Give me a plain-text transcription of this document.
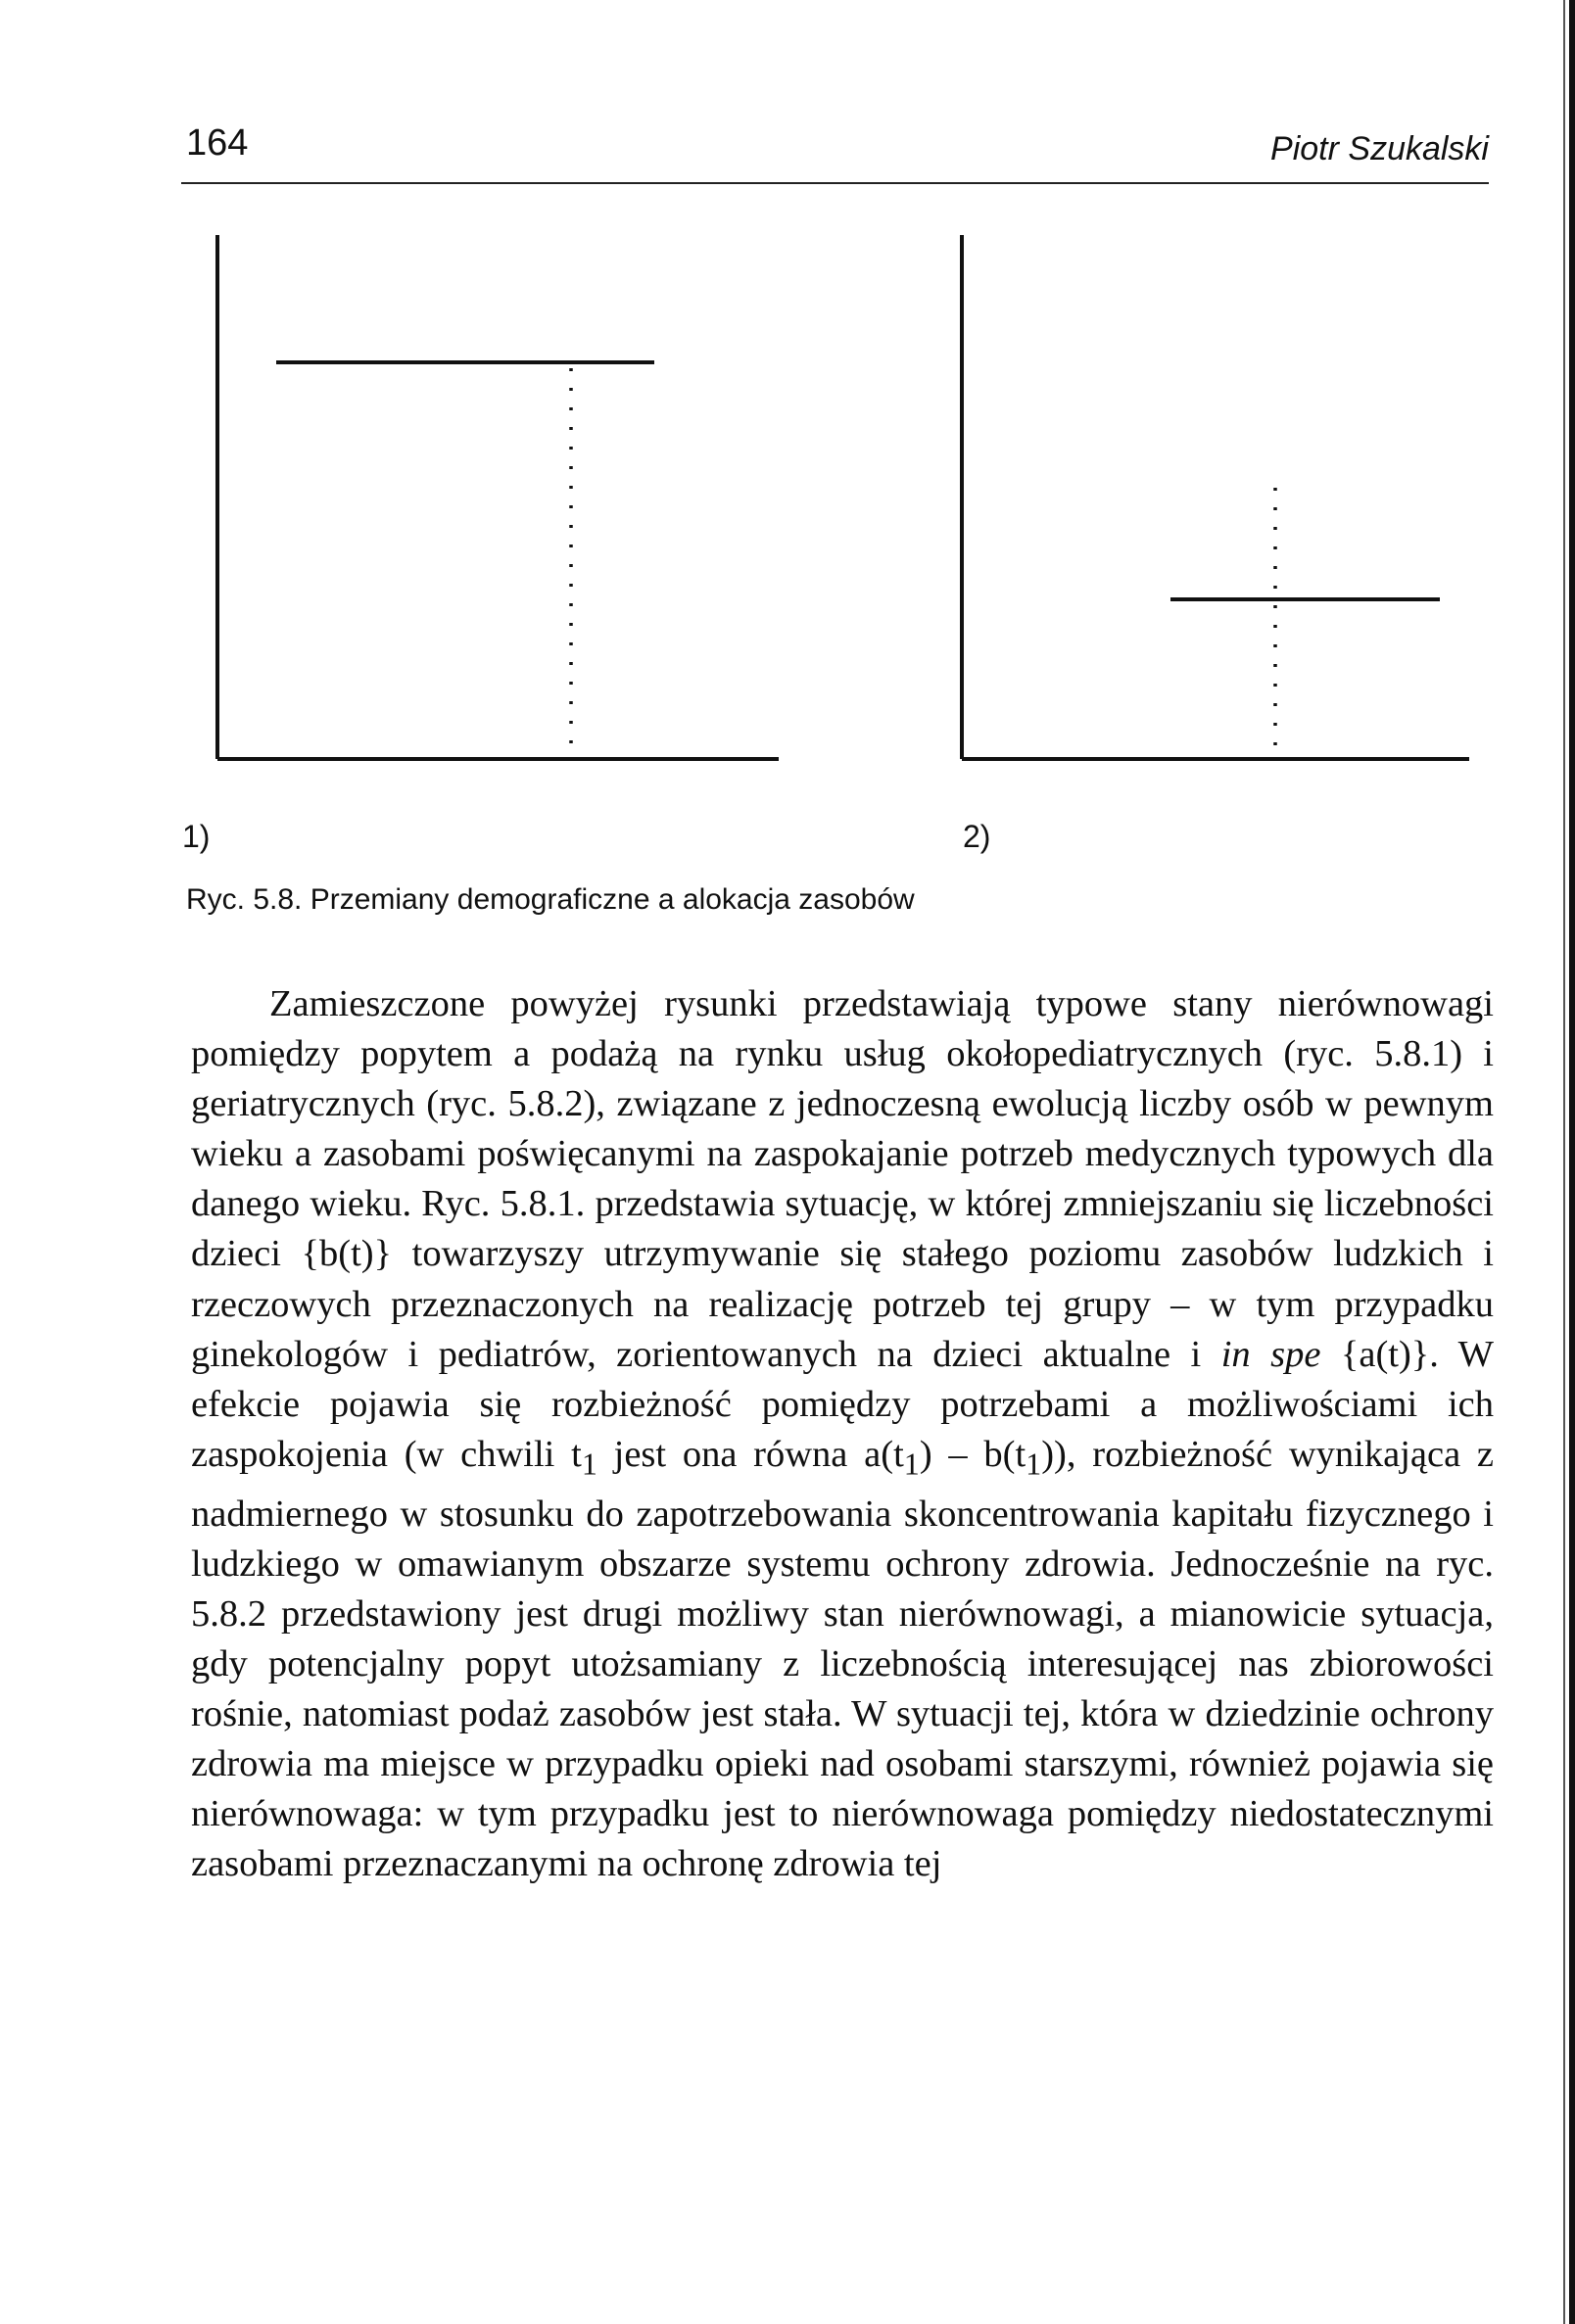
164	Piotr Szukalski
1)	2)
Ryc. 5.8. Przemiany demograficzne a alokacja zasobów

Zamieszczone powyżej rysunki przedstawiają typowe stany nierównowagi pomiędzy popytem a podażą na rynku usług okołopediatrycznych (ryc. 5.8.1) i geriatrycznych (ryc. 5.8.2), związane z jednoczesną ewolucją liczby osób w pewnym wieku a zasobami poświęcanymi na zaspokajanie potrzeb medycznych typowych dla danego wieku. Ryc. 5.8.1. przedstawia sytuację, w której zmniejszaniu się liczebności dzieci {b(t)} towarzyszy utrzymywanie się stałego poziomu zasobów ludzkich i rzeczowych przeznaczonych na realizację potrzeb tej grupy – w tym przypadku ginekologów i pediatrów, zorientowanych na dzieci aktualne i in spe {a(t)}. W efekcie pojawia się rozbieżność pomiędzy potrzebami a możliwościami ich zaspokojenia (w chwili $t_1$ jest ona równa $a(t_1) - b(t_1)$), rozbieżność wynikająca z nadmiernego w stosunku do zapotrzebowania skoncentrowania kapitału fizycznego i ludzkiego w omawianym obszarze systemu ochrony zdrowia. Jednocześnie na ryc. 5.8.2 przedstawiony jest drugi możliwy stan nierównowagi, a mianowicie sytuacja, gdy potencjalny popyt utożsamiany z liczebnością interesującej nas zbiorowości rośnie, natomiast podaż zasobów jest stała. W sytuacji tej, która w dziedzinie ochrony zdrowia ma miejsce w przypadku opieki nad osobami starszymi, również pojawia się nierównowaga: w tym przypadku jest to nierównowaga pomiędzy niedostatecznymi zasobami przeznaczanymi na ochronę zdrowia tej
